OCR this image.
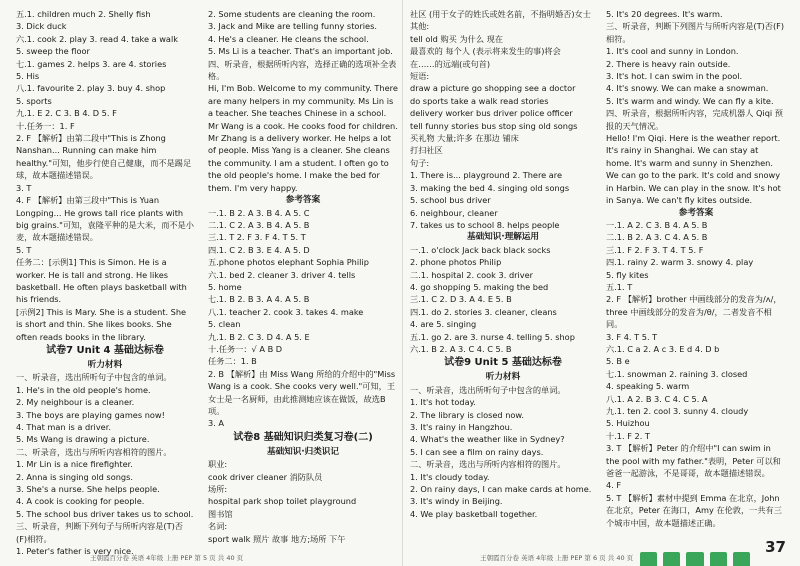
五.1. children much 2. Shelly fish

3. Dick duck

六.1. cook 2. play 3. read 4. take a walk

5. sweep the floor

七.1. games 2. helps 3. are 4. stories

5. His

八.1. favourite 2. play 3. buy 4. shop

5. sports

九.1. E 2. C 3. B 4. D 5. F

十.任务一：1. F

2. F 【解析】由第二段中"This is Zhong Nanshan... Running can make him healthy."可知，他步行使自己健康，而不是踢足球，故本题描述错误。

3. T

4. F 【解析】由第三段中"This is Yuan Longping... He grows tall rice plants with big grains."可知，袁隆平种的是大米，而不是小麦，故本题描述错误。

5. T

任务二：[示例1] This is Simon. He is a worker. He is tall and strong. He likes basketball. He often plays basketball with his friends.

[示例2] This is Mary. She is a student. She is short and thin. She likes books. She often reads books in the library.

试卷7 Unit 4 基础达标卷

听力材料

一、听录音，选出所听句子中包含的单词。

1. He's in the old people's home.

2. My neighbour is a cleaner.

3. The boys are playing games now!

4. That man is a driver.

5. Ms Wang is drawing a picture.

二、听录音，选出与所听内容相符的图片。

1. Mr Lin is a nice firefighter.

2. Anna is singing old songs.

3. She's a nurse. She helps people.

4. A cook is cooking for people.

5. The school bus driver takes us to school.

三、听录音，判断下列句子与所听内容是(T)否(F)相符。

1. Peter's father is very nice.

2. Some students are cleaning the room.

3. Jack and Mike are telling funny stories.

4. He's a cleaner. He cleans the school.

5. Ms Li is a teacher. That's an important job.

四、听录音，根据所听内容，选择正确的选项补全表格。

Hi, I'm Bob. Welcome to my community. There are many helpers in my community. Ms Lin is a teacher. She teaches Chinese in a school. Mr Wang is a cook. He cooks food for children. Mr Zhang is a delivery worker. He helps a lot of people. Miss Yang is a cleaner. She cleans the community. I am a student. I often go to the old people's home. I make the bed for them. I'm very happy.

参考答案

一.1. B 2. A 3. B 4. A 5. C

二.1. C 2. A 3. B 4. A 5. B

三.1. T 2. F 3. F 4. T 5. T

四.1. C 2. B 3. E 4. A 5. D

五.phone photos elephant Sophia Philip

六.1. bed 2. cleaner 3. driver 4. tells

5. home

七.1. B 2. B 3. A 4. A 5. B

八.1. teacher 2. cook 3. takes 4. make

5. clean

九.1. B 2. C 3. D 4. A 5. E

十.任务一：√ A B D

任务二：1. B

2. B 【解析】由 Miss Wang 所给的介绍中的"Miss Wang is a cook. She cooks very well."可知，王女士是一名厨师，由此推测她应该在做饭，故选B项。

3. A

试卷8 基础知识归类复习卷(二)

基础知识·归类识记

职业:

cook driver cleaner 消防队员

场所:

hospital park shop toilet playground

图书馆

名词:

sport walk 照片 故事 地方;场所 下午

社区 (用于女子的姓氏或姓名前，不指明婚否)女士

其他:

tell old 购买 为什么 现在

最喜欢的 每个人 (表示将来发生的事)将会

在……的远端(或句首)

短语:

draw a picture go shopping see a doctor

do sports take a walk read stories

delivery worker bus driver police officer

tell funny stories bus stop sing old songs

买礼物 大量;许多 在那边 铺床

打扫社区

句子:

1. There is... playground 2. There are

3. making the bed 4. singing old songs

5. school bus driver

6. neighbour, cleaner

7. takes us to school 8. helps people

基础知识·理解运用

一.1. o'clock Jack back black socks

2. phone photos Philip

二.1. hospital 2. cook 3. driver

4. go shopping 5. making the bed

三.1. C 2. D 3. A 4. E 5. B

四.1. do 2. stories 3. cleaner, cleans

4. are 5. singing

五.1. go 2. are 3. nurse 4. telling 5. shop

六.1. B 2. A 3. C 4. C 5. B

试卷9 Unit 5 基础达标卷

听力材料

一、听录音，选出所听句子中包含的单词。

1. It's hot today.

2. The library is closed now.

3. It's rainy in Hangzhou.

4. What's the weather like in Sydney?

5. I can see a film on rainy days.

二、听录音，选出与所听内容相符的图片。

1. It's cloudy today.

2. On rainy days, I can make cards at home.

3. It's windy in Beijing.

4. We play basketball together.

5. It's 20 degrees. It's warm.

三、听录音，判断下列图片与所听内容是(T)否(F)相符。

1. It's cool and sunny in London.

2. There is heavy rain outside.

3. It's hot. I can swim in the pool.

4. It's snowy. We can make a snowman.

5. It's warm and windy. We can fly a kite.

四、听录音，根据所听内容，完成机器人 Qiqi 预报的天气情况。

Hello! I'm Qiqi. Here is the weather report. It's rainy in Shanghai. We can stay at home. It's warm and sunny in Shenzhen. We can go to the park. It's cold and snowy in Harbin. We can play in the snow. It's hot in Sanya. We can't fly kites outside.

参考答案

一.1. A 2. C 3. B 4. A 5. B

二.1. B 2. A 3. C 4. A 5. B

三.1. F 2. F 3. T 4. T 5. F

四.1. rainy 2. warm 3. snowy 4. play

5. fly kites

五.1. T

2. F 【解析】brother 中画线部分的发音为/ʌ/，three 中画线部分的发音为/θ/，二者发音不相同。

3. F 4. T 5. T

六.1. C a 2. A c 3. E d 4. D b

5. B e

七.1. snowman 2. raining 3. closed

4. speaking 5. warm

八.1. A 2. B 3. C 4. C 5. A

九.1. ten 2. cool 3. sunny 4. cloudy

5. Huizhou

十.1. F 2. T

3. T 【解析】Peter 的介绍中"I can swim in the pool with my father."表明，Peter 可以和爸爸一起游泳，不是哥哥，故本题描述错误。

4. F

5. T 【解析】素材中提到 Emma 在北京，John 在北京，Peter 在海口，Amy 在伦敦，一共有三个城市中国，故本题描述正确。

王朝霞百分卷 英语 4年级 上册 PEP 第 5 页 共 40 页	王朝霞百分卷 英语 4年级 上册 PEP 第 6 页 共 40 页
37
